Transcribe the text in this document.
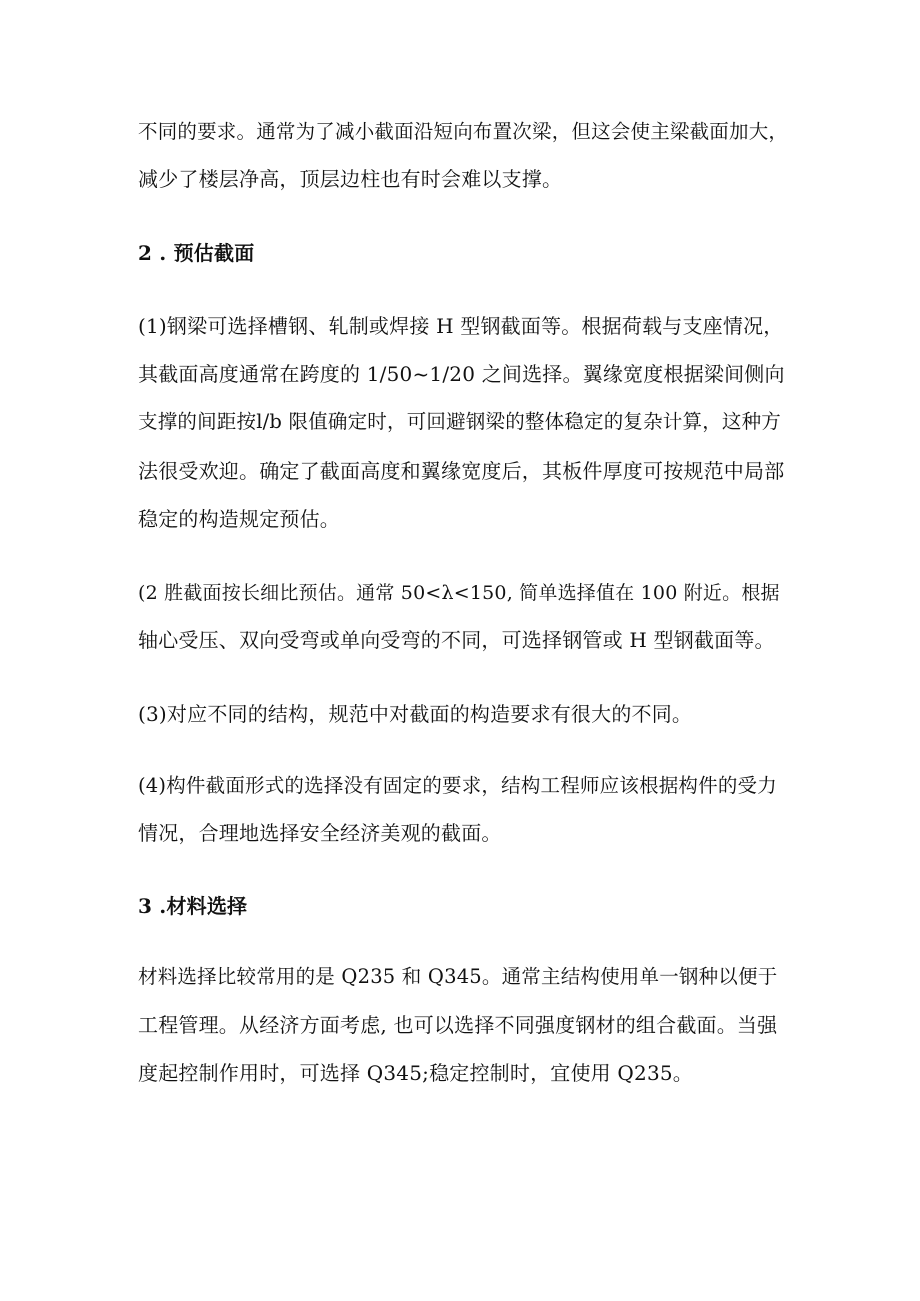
不同的要求。通常为了减小截面沿短向布置次梁，但这会使主梁截面加大，
减少了楼层净高，顶层边柱也有时会难以支撑。
2 . 预估截面
(1)钢梁可选择槽钢、轧制或焊接 H 型钢截面等。根据荷载与支座情况，
其截面高度通常在跨度的 1/50~1/20 之间选择。翼缘宽度根据梁间侧向
支撑的间距按l/b 限值确定时，可回避钢梁的整体稳定的复杂计算，这种方
法很受欢迎。确定了截面高度和翼缘宽度后，其板件厚度可按规范中局部
稳定的构造规定预估。
(2 胜截面按长细比预估。通常 50<λ<150, 简单选择值在 100 附近。根据
轴心受压、双向受弯或单向受弯的不同，可选择钢管或 H 型钢截面等。
(3)对应不同的结构，规范中对截面的构造要求有很大的不同。
(4)构件截面形式的选择没有固定的要求，结构工程师应该根据构件的受力
情况，合理地选择安全经济美观的截面。
3 .材料选择
材料选择比较常用的是 Q235 和 Q345。通常主结构使用单一钢种以便于
工程管理。从经济方面考虑, 也可以选择不同强度钢材的组合截面。当强
度起控制作用时，可选择 Q345;稳定控制时，宜使用 Q235。
